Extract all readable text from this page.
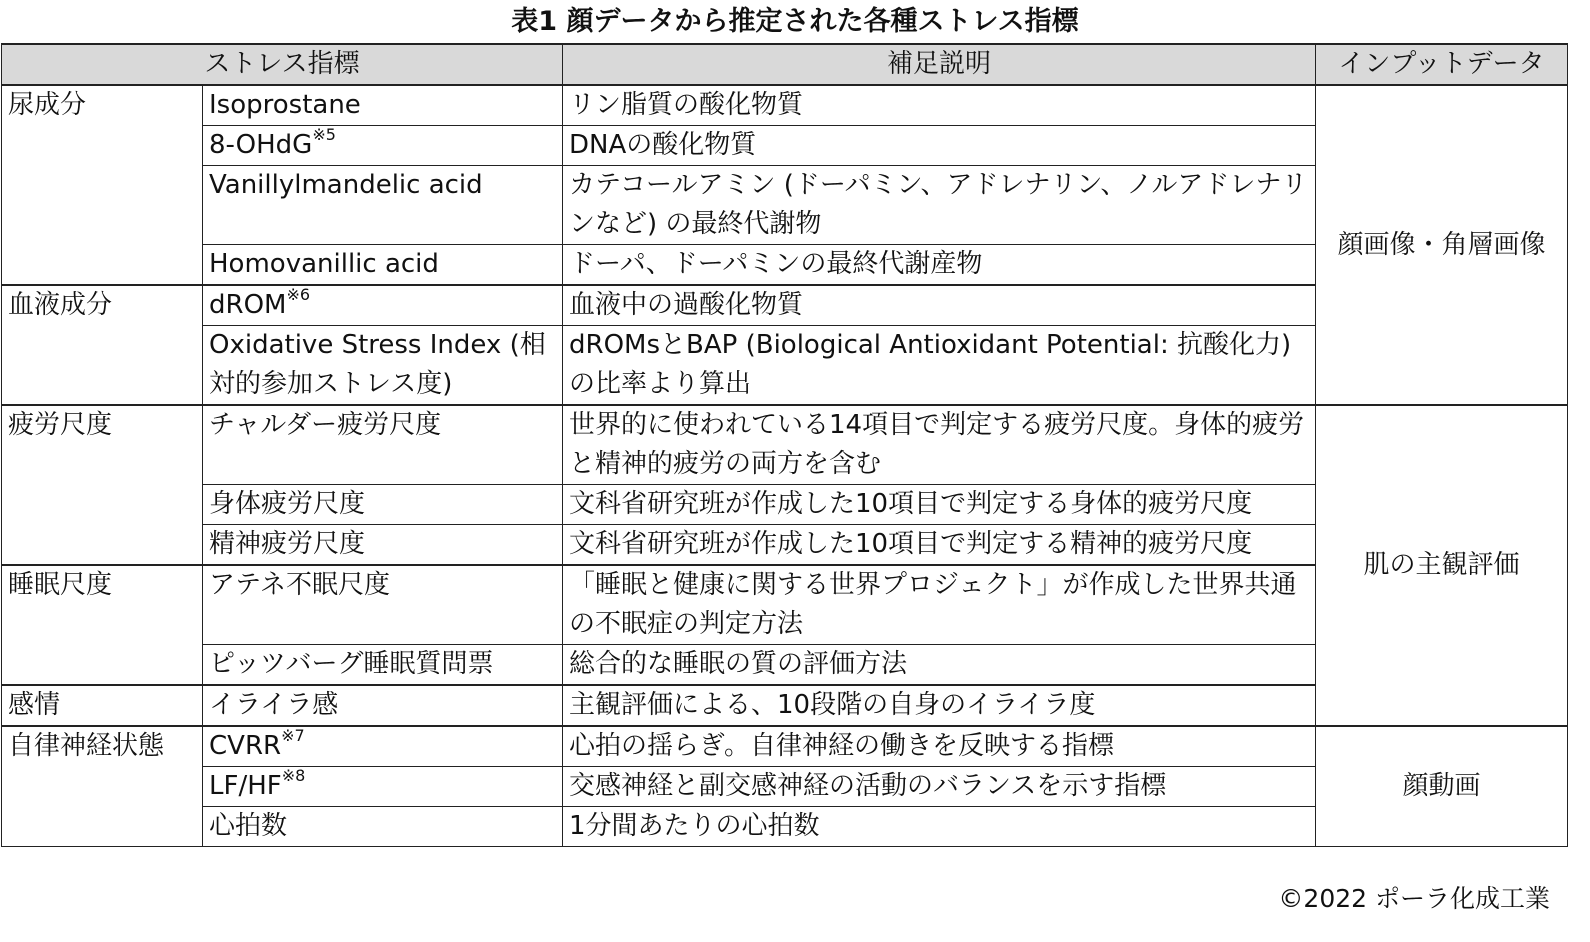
表1 顔データから推定された各種ストレス指標
ストレス指標		補足説明	インプットデータ
尿成分	Isoprostane	リン脂質の酸化物質	顔画像・角層画像
	8-OHdG$^{※5}$	DNAの酸化物質	
	Vanillylmandelic acid	カテコールアミン (ドーパミン、アドレナリン、ノルアドレナリンなど) の最終代謝物	
	Homovanillic acid	ドーパ、ドーパミンの最終代謝産物	
血液成分	dROM$^{※6}$	血液中の過酸化物質	
	Oxidative Stress Index (相対的参加ストレス度)	dROMsとBAP (Biological Antioxidant Potential: 抗酸化力) の比率より算出	
疲労尺度	チャルダー疲労尺度	世界的に使われている14項目で判定する疲労尺度。身体的疲労と精神的疲労の両方を含む	肌の主観評価
	身体疲労尺度	文科省研究班が作成した10項目で判定する身体的疲労尺度	
	精神疲労尺度	文科省研究班が作成した10項目で判定する精神的疲労尺度	
睡眠尺度	アテネ不眠尺度	「睡眠と健康に関する世界プロジェクト」が作成した世界共通の不眠症の判定方法	
	ピッツバーグ睡眠質問票	総合的な睡眠の質の評価方法	
感情	イライラ感	主観評価による、10段階の自身のイライラ度	
自律神経状態	CVRR$^{※7}$	心拍の揺らぎ。自律神経の働きを反映する指標	顔動画
	LF/HF$^{※8}$	交感神経と副交感神経の活動のバランスを示す指標	
	心拍数	1分間あたりの心拍数	
©2022 ポーラ化成工業
